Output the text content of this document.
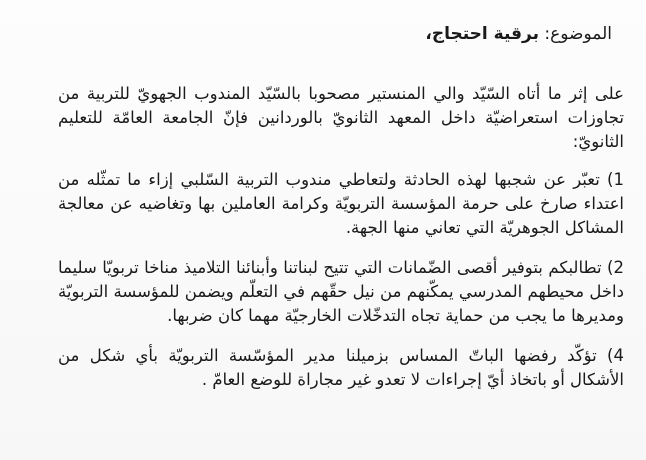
الموضوع: برقية احتجاج،

على إثر ما أتاه السّيّد والي المنستير مصحوبا بالسّيّد المندوب الجهويّ للتربية من تجاوزات استعراضيّة داخل المعهد الثانويّ بالوردانين فإنّ الجامعة العامّة للتعليم الثانويّ:

1) تعبّر عن شجبها لهذه الحادثة ولتعاطي مندوب التربية السّلبي إزاء ما تمثّله من اعتداء صارخ على حرمة المؤسسة التربويّة وكرامة العاملين بها وتغاضيه عن معالجة المشاكل الجوهريّة التي تعاني منها الجهة.

2) تطالبكم بتوفير أقصى الضّمانات التي تتيح لبناتنا وأبنائنا التلاميذ مناخا تربويّا سليما داخل محيطهم المدرسي يمكّنهم من نيل حقّهم في التعلّم ويضمن للمؤسسة التربويّة ومديرها ما يجب من حماية تجاه التدخّلات الخارجيّة مهما كان ضربها.

4) تؤكّد رفضها الباتّ المساس بزميلنا مدير المؤسّسة التربويّة بأي شكل من الأشكال أو باتخاذ أيّ إجراءات لا تعدو غير مجاراة للوضع العامّ .
